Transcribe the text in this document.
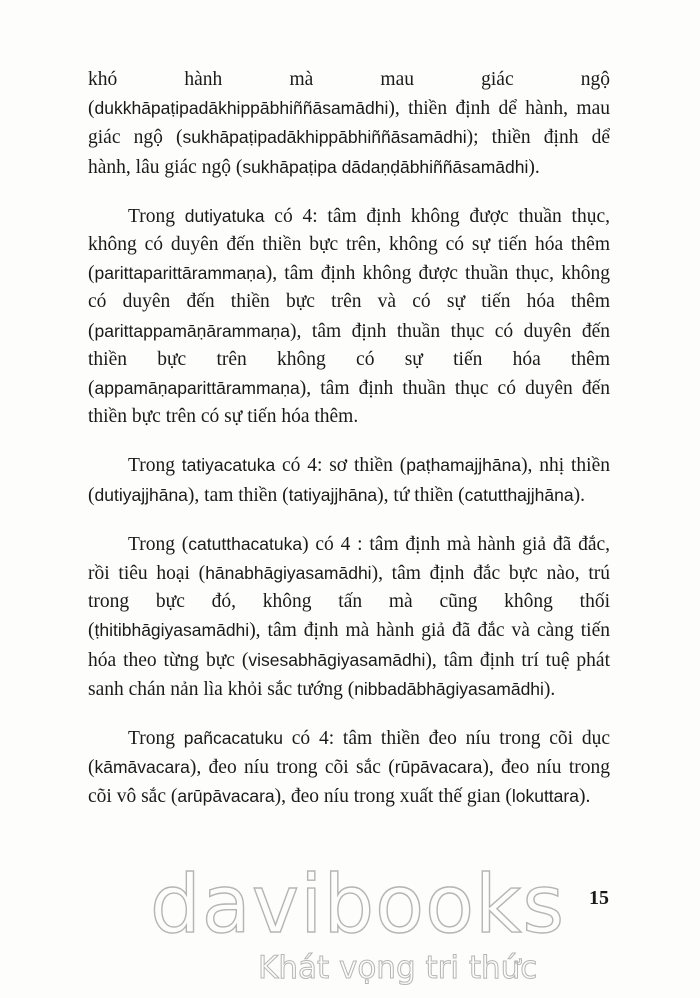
khó hành mà mau giác ngộ (dukkhāpaṭipadākhippābhiññāsamādhi), thiền định dể hành, mau giác ngộ (sukhāpaṭipadākhippābhiññāsamādhi); thiền định dể hành, lâu giác ngộ (sukhāpaṭipa dādaṇḍābhiññāsamādhi).

Trong dutiyatuka có 4: tâm định không được thuần thục, không có duyên đến thiền bực trên, không có sự tiến hóa thêm (parittaparittārammaṇa), tâm định không được thuần thục, không có duyên đến thiền bực trên và có sự tiến hóa thêm (parittappamāṇārammaṇa), tâm định thuần thục có duyên đến thiền bực trên không có sự tiến hóa thêm (appamāṇaparittārammaṇa), tâm định thuần thục có duyên đến thiền bực trên có sự tiến hóa thêm.

Trong tatiyacatuka có 4: sơ thiền (paṭhamajjhāna), nhị thiền (dutiyajjhāna), tam thiền (tatiyajjhāna), tứ thiền (catutthajjhāna).

Trong (catutthacatuka) có 4 : tâm định mà hành giả đã đắc, rồi tiêu hoại (hānabhāgiyasamādhi), tâm định đắc bực nào, trú trong bực đó, không tấn mà cũng không thối (ṭhitibhāgiyasamādhi), tâm định mà hành giả đã đắc và càng tiến hóa theo từng bực (visesabhāgiyasamādhi), tâm định trí tuệ phát sanh chán nản lìa khỏi sắc tướng (nibbadābhāgiyasamādhi).

Trong pañcacatuku có 4: tâm thiền đeo níu trong cõi dục (kāmāvacara), đeo níu trong cõi sắc (rūpāvacara), đeo níu trong cõi vô sắc (arūpāvacara), đeo níu trong xuất thế gian (lokuttara).

15
davibooks
Khát vọng tri thức
